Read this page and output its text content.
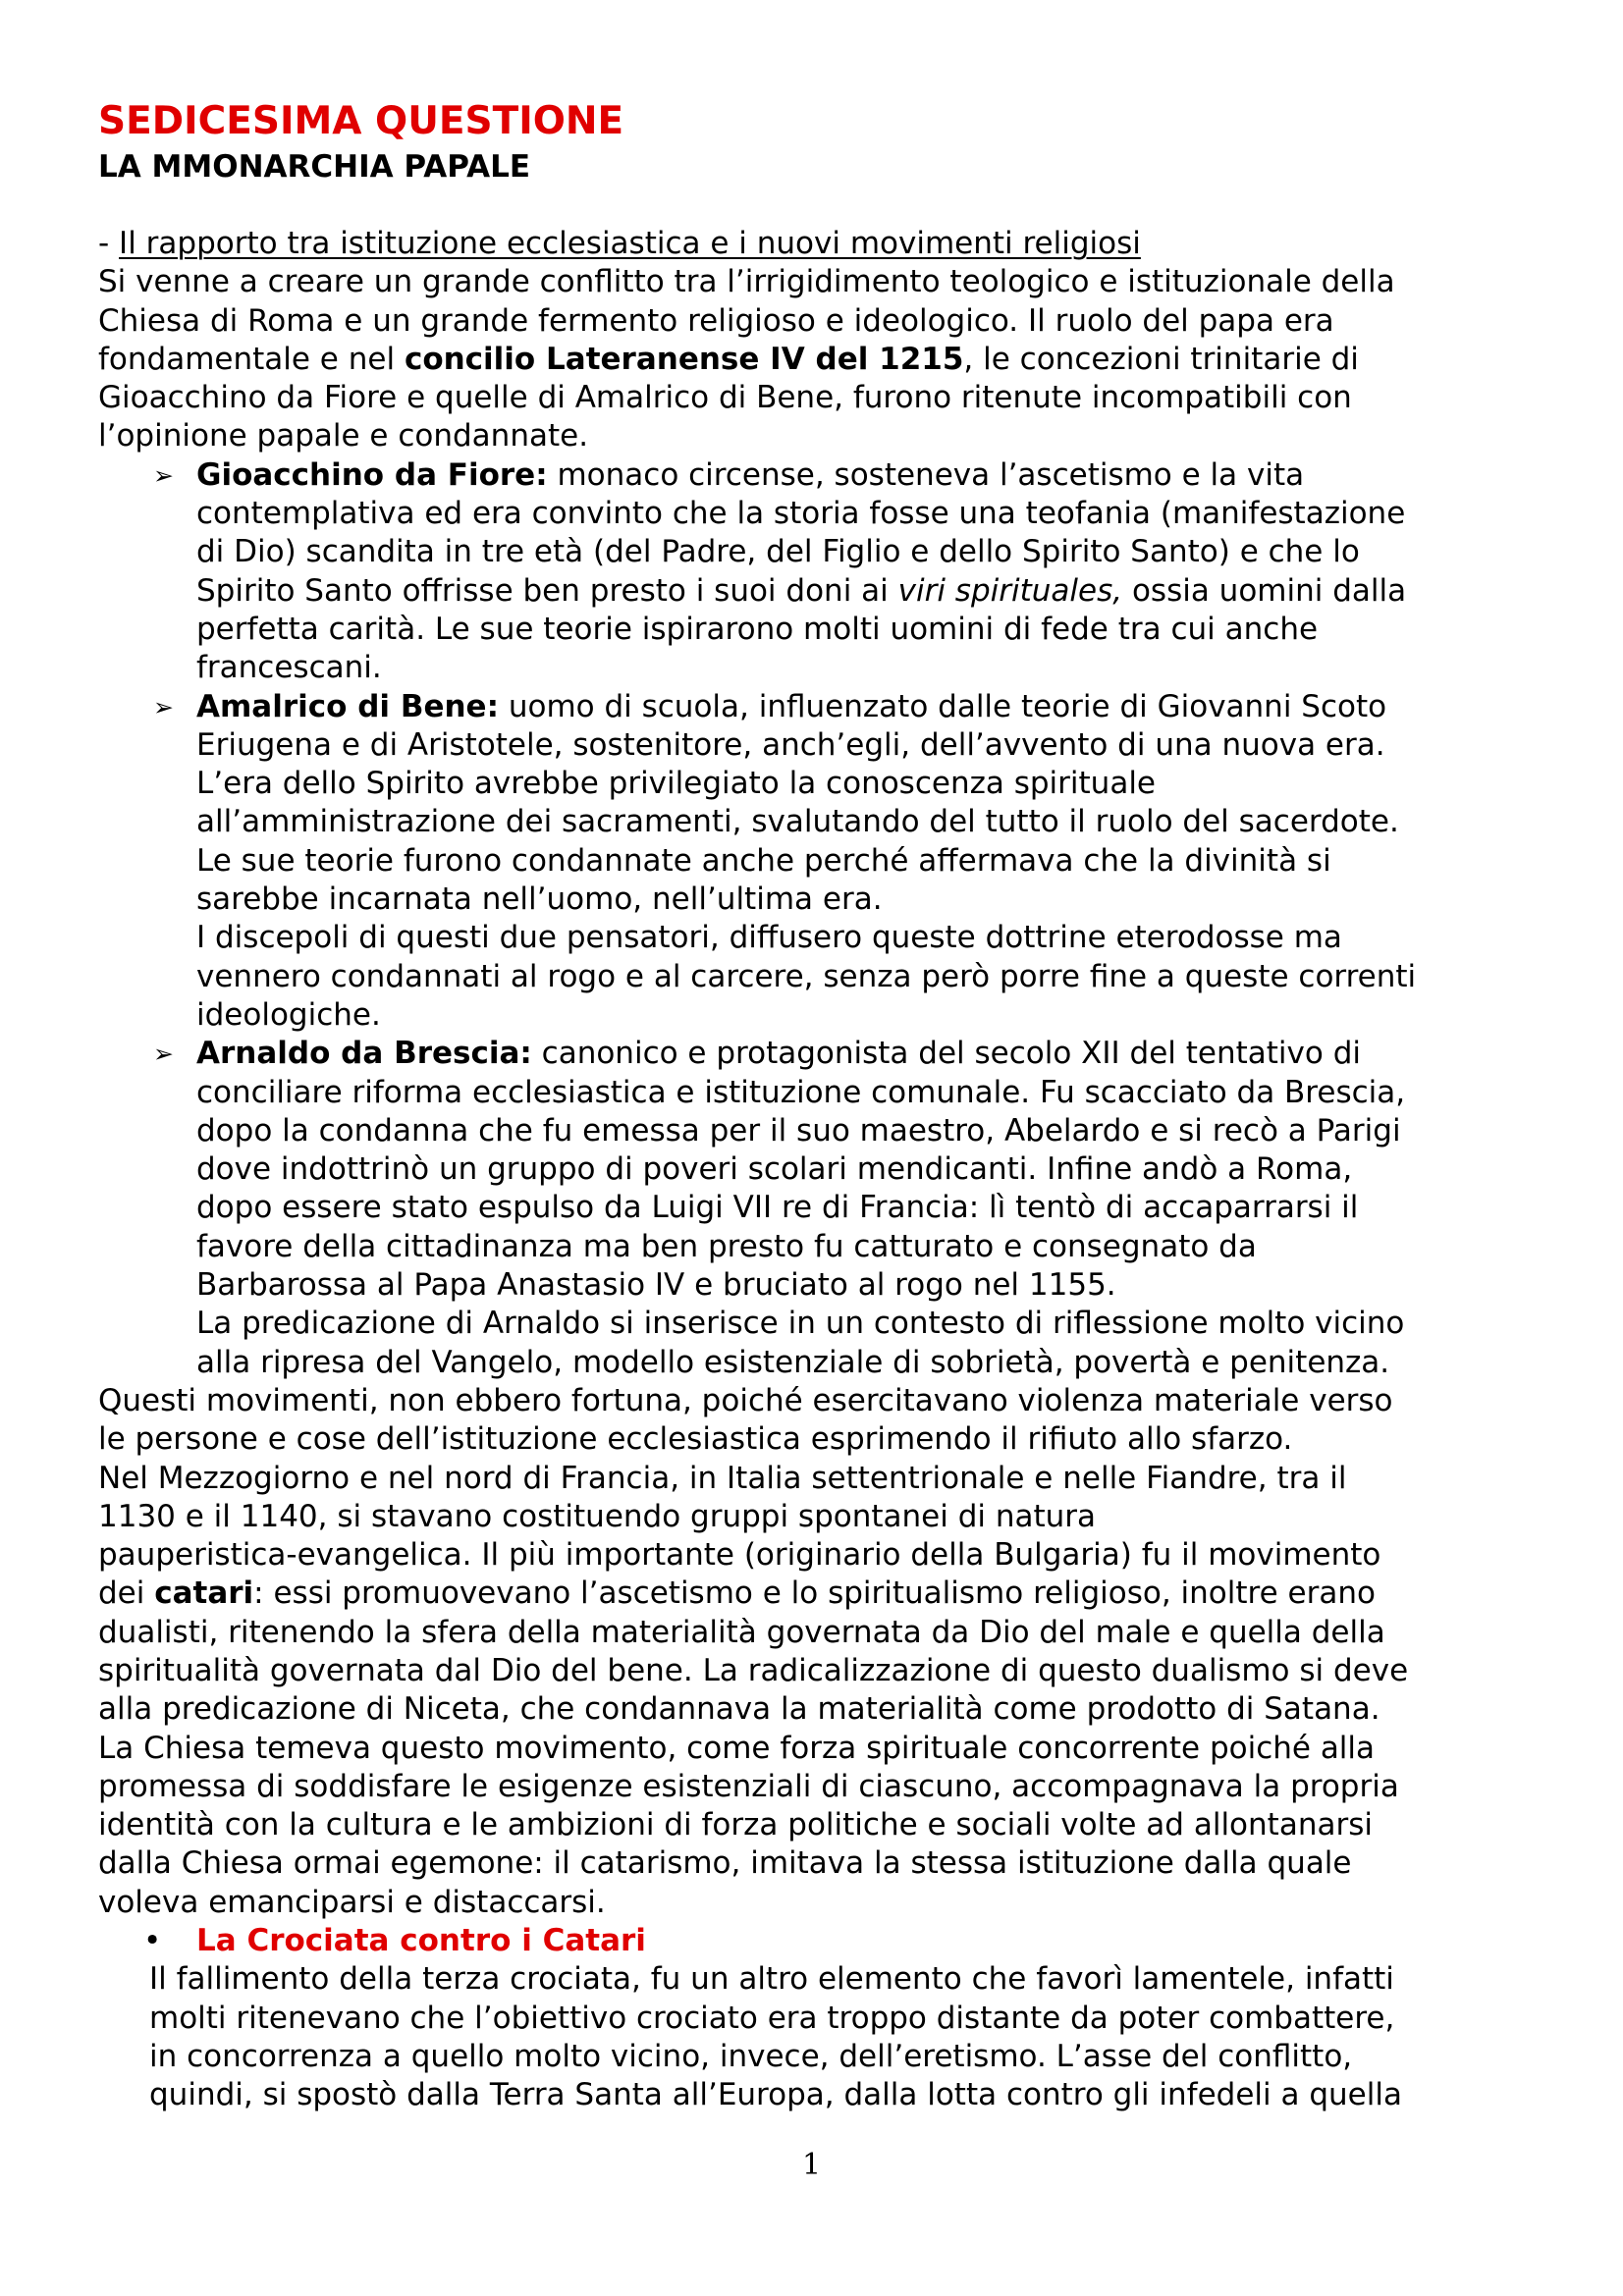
SEDICESIMA QUESTIONE
LA MMONARCHIA PAPALE
- Il rapporto tra istituzione ecclesiastica e i nuovi movimenti religiosi
Si venne a creare un grande conflitto tra l’irrigidimento teologico e istituzionale della
Chiesa di Roma e un grande fermento religioso e ideologico. Il ruolo del papa era
fondamentale e nel concilio Lateranense IV del 1215, le concezioni trinitarie di
Gioacchino da Fiore e quelle di Amalrico di Bene, furono ritenute incompatibili con
l’opinione papale e condannate.
➢ Gioacchino da Fiore: monaco circense, sosteneva l’ascetismo e la vita
contemplativa ed era convinto che la storia fosse una teofania (manifestazione
di Dio) scandita in tre età (del Padre, del Figlio e dello Spirito Santo) e che lo
Spirito Santo offrisse ben presto i suoi doni ai viri spirituales, ossia uomini dalla
perfetta carità. Le sue teorie ispirarono molti uomini di fede tra cui anche
francescani.
➢ Amalrico di Bene: uomo di scuola, influenzato dalle teorie di Giovanni Scoto
Eriugena e di Aristotele, sostenitore, anch’egli, dell’avvento di una nuova era.
L’era dello Spirito avrebbe privilegiato la conoscenza spirituale
all’amministrazione dei sacramenti, svalutando del tutto il ruolo del sacerdote.
Le sue teorie furono condannate anche perché affermava che la divinità si
sarebbe incarnata nell’uomo, nell’ultima era.
I discepoli di questi due pensatori, diffusero queste dottrine eterodosse ma
vennero condannati al rogo e al carcere, senza però porre fine a queste correnti
ideologiche.
➢ Arnaldo da Brescia: canonico e protagonista del secolo XII del tentativo di
conciliare riforma ecclesiastica e istituzione comunale. Fu scacciato da Brescia,
dopo la condanna che fu emessa per il suo maestro, Abelardo e si recò a Parigi
dove indottrinò un gruppo di poveri scolari mendicanti. Infine andò a Roma,
dopo essere stato espulso da Luigi VII re di Francia: lì tentò di accaparrarsi il
favore della cittadinanza ma ben presto fu catturato e consegnato da
Barbarossa al Papa Anastasio IV e bruciato al rogo nel 1155.
La predicazione di Arnaldo si inserisce in un contesto di riflessione molto vicino
alla ripresa del Vangelo, modello esistenziale di sobrietà, povertà e penitenza.
Questi movimenti, non ebbero fortuna, poiché esercitavano violenza materiale verso
le persone e cose dell’istituzione ecclesiastica esprimendo il rifiuto allo sfarzo.
Nel Mezzogiorno e nel nord di Francia, in Italia settentrionale e nelle Fiandre, tra il
1130 e il 1140, si stavano costituendo gruppi spontanei di natura
pauperistica-evangelica. Il più importante (originario della Bulgaria) fu il movimento
dei catari: essi promuovevano l’ascetismo e lo spiritualismo religioso, inoltre erano
dualisti, ritenendo la sfera della materialità governata da Dio del male e quella della
spiritualità governata dal Dio del bene. La radicalizzazione di questo dualismo si deve
alla predicazione di Niceta, che condannava la materialità come prodotto di Satana.
La Chiesa temeva questo movimento, come forza spirituale concorrente poiché alla
promessa di soddisfare le esigenze esistenziali di ciascuno, accompagnava la propria
identità con la cultura e le ambizioni di forza politiche e sociali volte ad allontanarsi
dalla Chiesa ormai egemone: il catarismo, imitava la stessa istituzione dalla quale
voleva emanciparsi e distaccarsi.
• La Crociata contro i Catari
Il fallimento della terza crociata, fu un altro elemento che favorì lamentele, infatti
molti ritenevano che l’obiettivo crociato era troppo distante da poter combattere,
in concorrenza a quello molto vicino, invece, dell’eretismo. L’asse del conflitto,
quindi, si spostò dalla Terra Santa all’Europa, dalla lotta contro gli infedeli a quella
1
